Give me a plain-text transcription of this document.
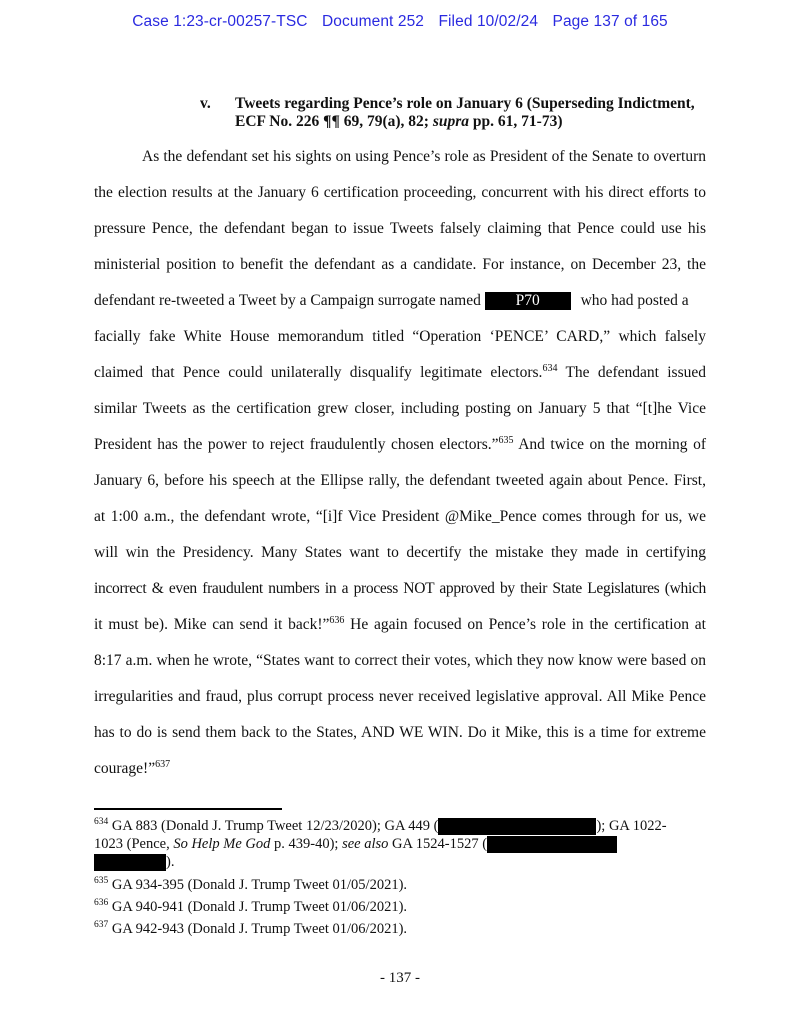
Case 1:23-cr-00257-TSC Document 252 Filed 10/02/24 Page 137 of 165
v. Tweets regarding Pence’s role on January 6 (Superseding Indictment,
ECF No. 226 ¶¶ 69, 79(a), 82; supra pp. 61, 71-73)
As the defendant set his sights on using Pence’s role as President of the Senate to overturn
the election results at the January 6 certification proceeding, concurrent with his direct efforts to
pressure Pence, the defendant began to issue Tweets falsely claiming that Pence could use his
ministerial position to benefit the defendant as a candidate. For instance, on December 23, the
defendant re-tweeted a Tweet by a Campaign surrogate named P70 who had posted a
facially fake White House memorandum titled “Operation ‘PENCE’ CARD,” which falsely
claimed that Pence could unilaterally disqualify legitimate electors.$^{634}$ The defendant issued
similar Tweets as the certification grew closer, including posting on January 5 that “[t]he Vice
President has the power to reject fraudulently chosen electors.”$^{635}$ And twice on the morning of
January 6, before his speech at the Ellipse rally, the defendant tweeted again about Pence. First,
at 1:00 a.m., the defendant wrote, “[i]f Vice President @Mike_Pence comes through for us, we
will win the Presidency. Many States want to decertify the mistake they made in certifying
incorrect & even fraudulent numbers in a process NOT approved by their State Legislatures (which
it must be). Mike can send it back!”$^{636}$ He again focused on Pence’s role in the certification at
8:17 a.m. when he wrote, “States want to correct their votes, which they now know were based on
irregularities and fraud, plus corrupt process never received legislative approval. All Mike Pence
has to do is send them back to the States, AND WE WIN. Do it Mike, this is a time for extreme
courage!”$^{637}$
$^{634}$ GA 883 (Donald J. Trump Tweet 12/23/2020); GA 449 (	); GA 1022-
1023 (Pence, So Help Me God p. 439-40); see also GA 1524-1527 (
).
$^{635}$ GA 934-395 (Donald J. Trump Tweet 01/05/2021).
$^{636}$ GA 940-941 (Donald J. Trump Tweet 01/06/2021).
$^{637}$ GA 942-943 (Donald J. Trump Tweet 01/06/2021).
- 137 -
